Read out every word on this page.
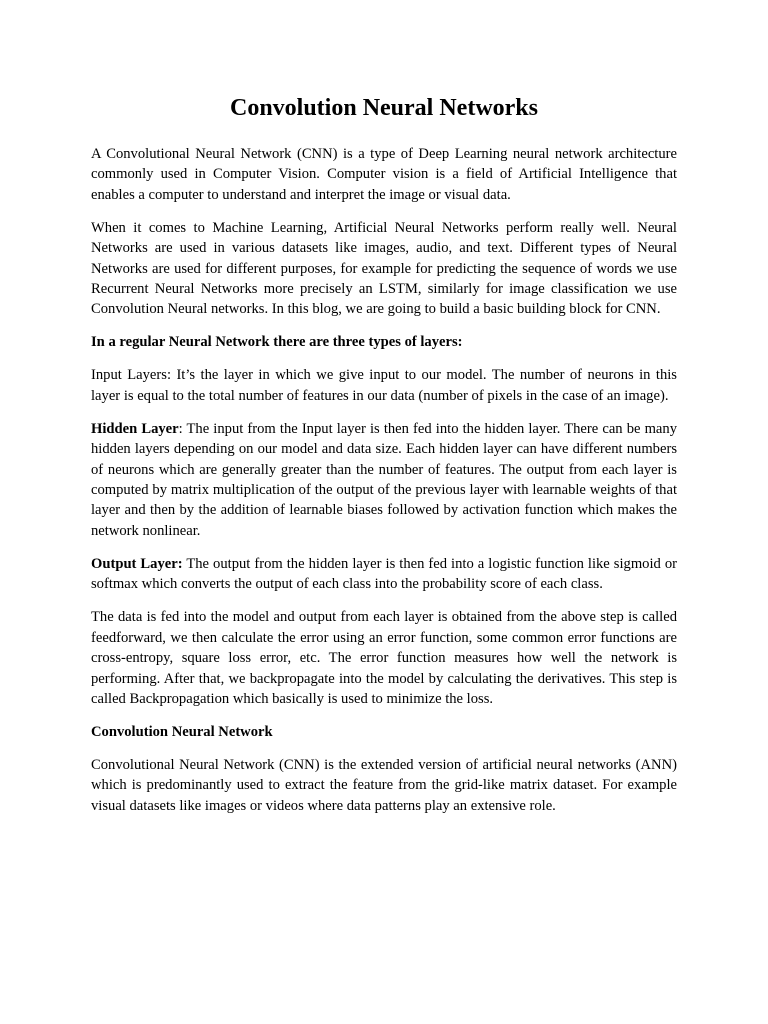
Convolution Neural Networks

A Convolutional Neural Network (CNN) is a type of Deep Learning neural network architecture commonly used in Computer Vision. Computer vision is a field of Artificial Intelligence that enables a computer to understand and interpret the image or visual data.

When it comes to Machine Learning, Artificial Neural Networks perform really well. Neural Networks are used in various datasets like images, audio, and text. Different types of Neural Networks are used for different purposes, for example for predicting the sequence of words we use Recurrent Neural Networks more precisely an LSTM, similarly for image classification we use Convolution Neural networks. In this blog, we are going to build a basic building block for CNN.

In a regular Neural Network there are three types of layers:

Input Layers: It’s the layer in which we give input to our model. The number of neurons in this layer is equal to the total number of features in our data (number of pixels in the case of an image).

Hidden Layer: The input from the Input layer is then fed into the hidden layer. There can be many hidden layers depending on our model and data size. Each hidden layer can have different numbers of neurons which are generally greater than the number of features. The output from each layer is computed by matrix multiplication of the output of the previous layer with learnable weights of that layer and then by the addition of learnable biases followed by activation function which makes the network nonlinear.

Output Layer: The output from the hidden layer is then fed into a logistic function like sigmoid or softmax which converts the output of each class into the probability score of each class.

The data is fed into the model and output from each layer is obtained from the above step is called feedforward, we then calculate the error using an error function, some common error functions are cross-entropy, square loss error, etc. The error function measures how well the network is performing. After that, we backpropagate into the model by calculating the derivatives. This step is called Backpropagation which basically is used to minimize the loss.

Convolution Neural Network

Convolutional Neural Network (CNN) is the extended version of artificial neural networks (ANN) which is predominantly used to extract the feature from the grid-like matrix dataset. For example visual datasets like images or videos where data patterns play an extensive role.
